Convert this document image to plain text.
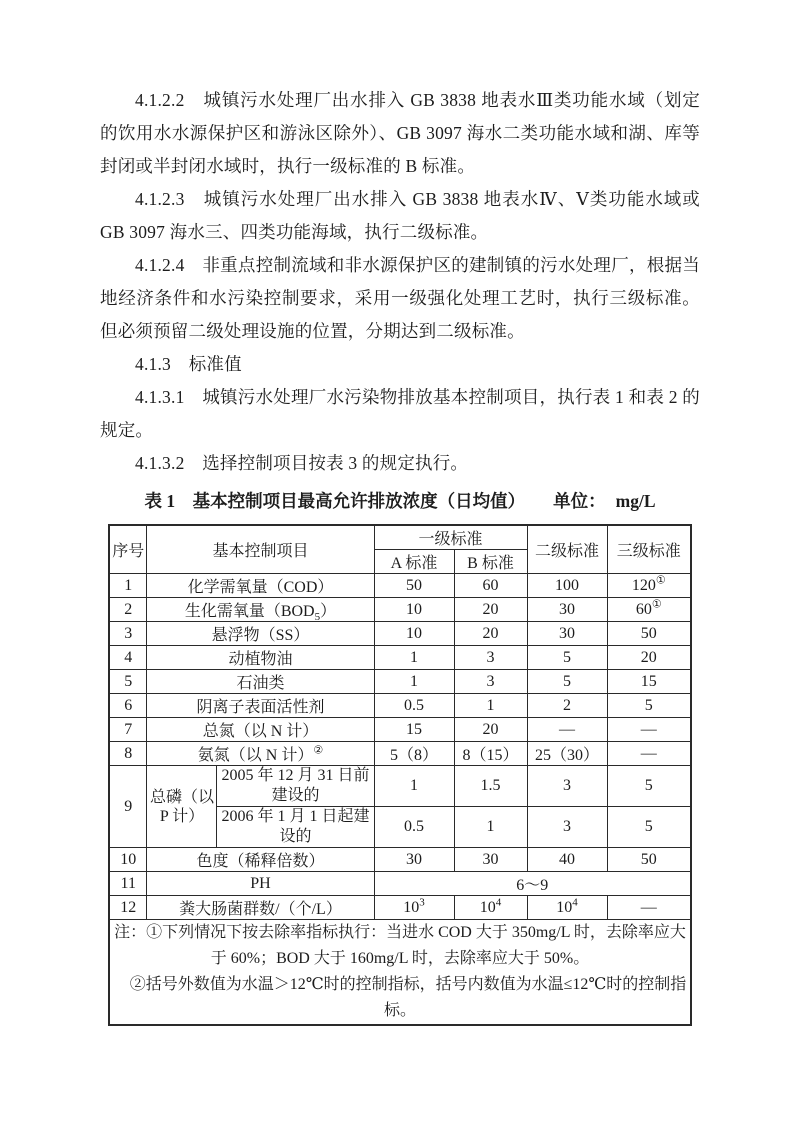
4.1.2.2　城镇污水处理厂出水排入 GB 3838 地表水Ⅲ类功能水域（划定的饮用水水源保护区和游泳区除外）、GB 3097 海水二类功能水域和湖、库等封闭或半封闭水域时，执行一级标准的 B 标准。

4.1.2.3　城镇污水处理厂出水排入 GB 3838 地表水Ⅳ、Ⅴ类功能水域或 GB 3097 海水三、四类功能海域，执行二级标准。

4.1.2.4　非重点控制流域和非水源保护区的建制镇的污水处理厂，根据当地经济条件和水污染控制要求，采用一级强化处理工艺时，执行三级标准。但必须预留二级处理设施的位置，分期达到二级标准。

4.1.3　标准值

4.1.3.1　城镇污水处理厂水污染物排放基本控制项目，执行表 1 和表 2 的规定。

4.1.3.2　选择控制项目按表 3 的规定执行。

表 1　基本控制项目最高允许排放浓度（日均值） 单位： mg/L
序号	基本控制项目		一级标准		二级标准	三级标准
			A 标准	B 标准		
1	化学需氧量（COD）		50	60	100	120①
2	生化需氧量$(BOD_5)$		10	20	30	60①
3	悬浮物（SS）		10	20	30	50
4	动植物油		1	3	5	20
5	石油类		1	3	5	15
6	阴离子表面活性剂		0.5	1	2	5
7	总氮（以 N 计）		15	20	—	—
8	氨氮（以 N 计）②		5（8）	8（15）	25（30）	—
9	总磷（以 P 计）	2005 年 12 月 31 日前建设的	1	1.5	3	5
		2006 年 1 月 1 日起建设的	0.5	1	3	5
10	色度（稀释倍数）		30	30	40	50
11	PH		6～9			
12	粪大肠菌群数/（个/L）		$10^3$	$10^4$	$10^4$	—

注：①下列情况下按去除率指标执行：当进水 COD 大于 350mg/L 时，去除率应大于 60%；BOD 大于 160mg/L 时，去除率应大于 50%。
②括号外数值为水温＞12℃时的控制指标，括号内数值为水温≤12℃时的控制指标。						
